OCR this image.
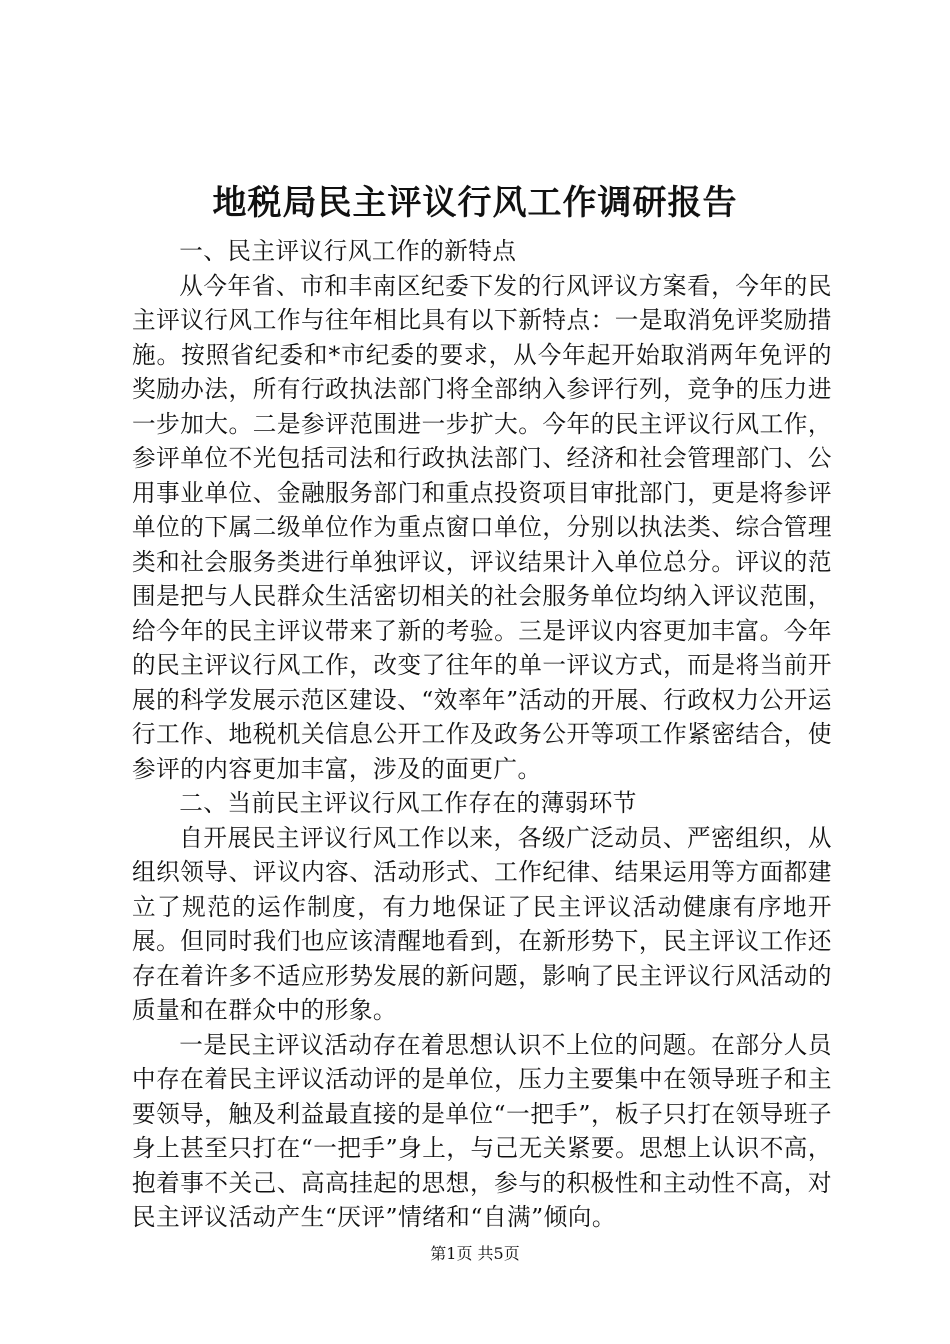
地税局民主评议行风工作调研报告

一、民主评议行风工作的新特点

从今年省、市和丰南区纪委下发的行风评议方案看，今年的民主评议行风工作与往年相比具有以下新特点：一是取消免评奖励措施。按照省纪委和*市纪委的要求，从今年起开始取消两年免评的奖励办法，所有行政执法部门将全部纳入参评行列，竞争的压力进一步加大。二是参评范围进一步扩大。今年的民主评议行风工作，参评单位不光包括司法和行政执法部门、经济和社会管理部门、公用事业单位、金融服务部门和重点投资项目审批部门，更是将参评单位的下属二级单位作为重点窗口单位，分别以执法类、综合管理类和社会服务类进行单独评议，评议结果计入单位总分。评议的范围是把与人民群众生活密切相关的社会服务单位均纳入评议范围，给今年的民主评议带来了新的考验。三是评议内容更加丰富。今年的民主评议行风工作，改变了往年的单一评议方式，而是将当前开展的科学发展示范区建设、“效率年”活动的开展、行政权力公开运行工作、地税机关信息公开工作及政务公开等项工作紧密结合，使参评的内容更加丰富，涉及的面更广。

二、当前民主评议行风工作存在的薄弱环节

自开展民主评议行风工作以来，各级广泛动员、严密组织，从组织领导、评议内容、活动形式、工作纪律、结果运用等方面都建立了规范的运作制度，有力地保证了民主评议活动健康有序地开展。但同时我们也应该清醒地看到，在新形势下，民主评议工作还存在着许多不适应形势发展的新问题，影响了民主评议行风活动的质量和在群众中的形象。

一是民主评议活动存在着思想认识不上位的问题。在部分人员中存在着民主评议活动评的是单位，压力主要集中在领导班子和主要领导，触及利益最直接的是单位“一把手”，板子只打在领导班子身上甚至只打在“一把手”身上，与己无关紧要。思想上认识不高，抱着事不关己、高高挂起的思想，参与的积极性和主动性不高，对民主评议活动产生“厌评”情绪和“自满”倾向。

第1页 共5页
